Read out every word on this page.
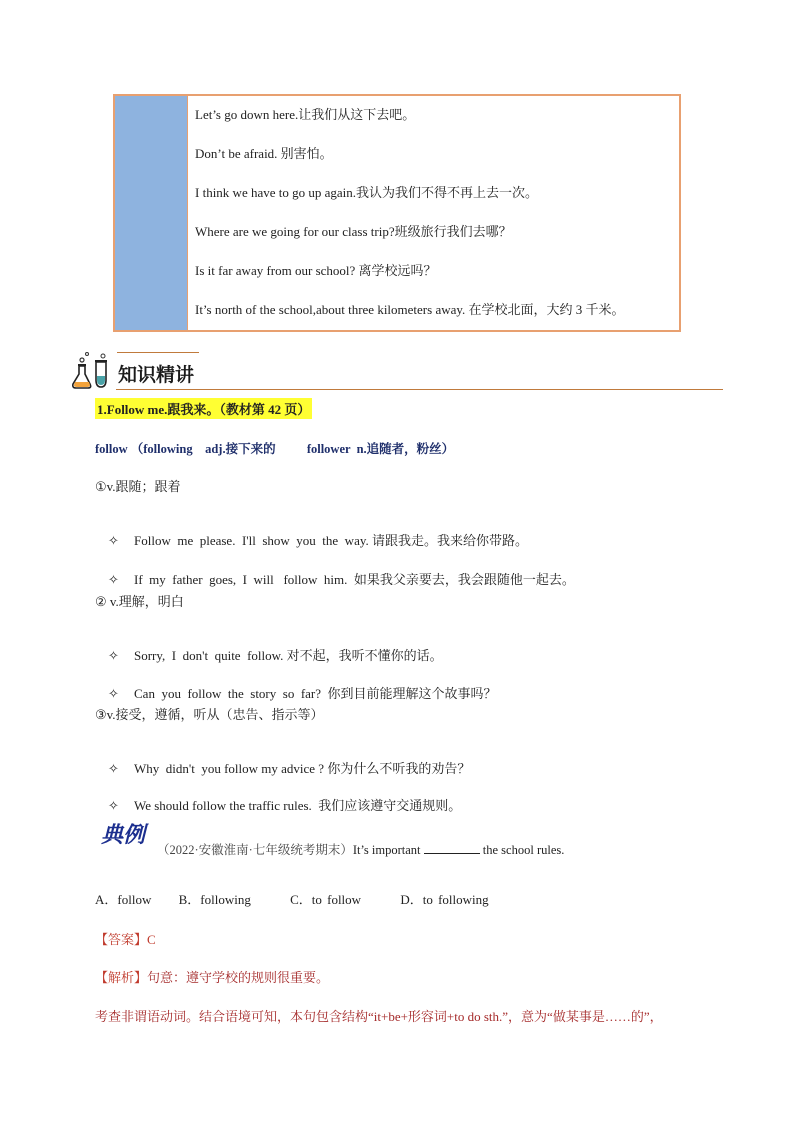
Let’s go down here.让我们从这下去吧。
Don’t be afraid. 别害怕。
I think we have to go up again.我认为我们不得不再上去一次。
Where are we going for our class trip?班级旅行我们去哪？
Is it far away from our school? 离学校远吗？
It’s north of the school,about three kilometers away. 在学校北面，大约 3 千米。
知识精讲
1.Follow me.跟我来。（教材第 42 页）
follow （following    adj.接下来的          follower  n.追随者，粉丝）
①v.跟随；跟着

✧ Follow  me  please.  I'll  show  you  the  way. 请跟我走。我来给你带路。

✧ If  my  father  goes,  I  will   follow  him.  如果我父亲要去，我会跟随他一起去。

② v.理解，明白

✧ Sorry,  I  don't  quite  follow. 对不起，我听不懂你的话。

✧ Can  you  follow  the  story  so  far?  你到目前能理解这个故事吗？

③v.接受，遵循，听从（忠告、指示等）

✧ Why  didn't  you follow my advice ? 你为什么不听我的劝告？

✧ We should follow the traffic rules.  我们应该遵守交通规则。

典例
（2022·安徽淮南·七年级统考期末）It’s important	the school rules.
A．follow B．following	C．to follow	D．to following
【答案】C
【解析】句意：遵守学校的规则很重要。
考查非谓语动词。结合语境可知，本句包含结构“it+be+形容词+to do sth.”，意为“做某事是……的”，
